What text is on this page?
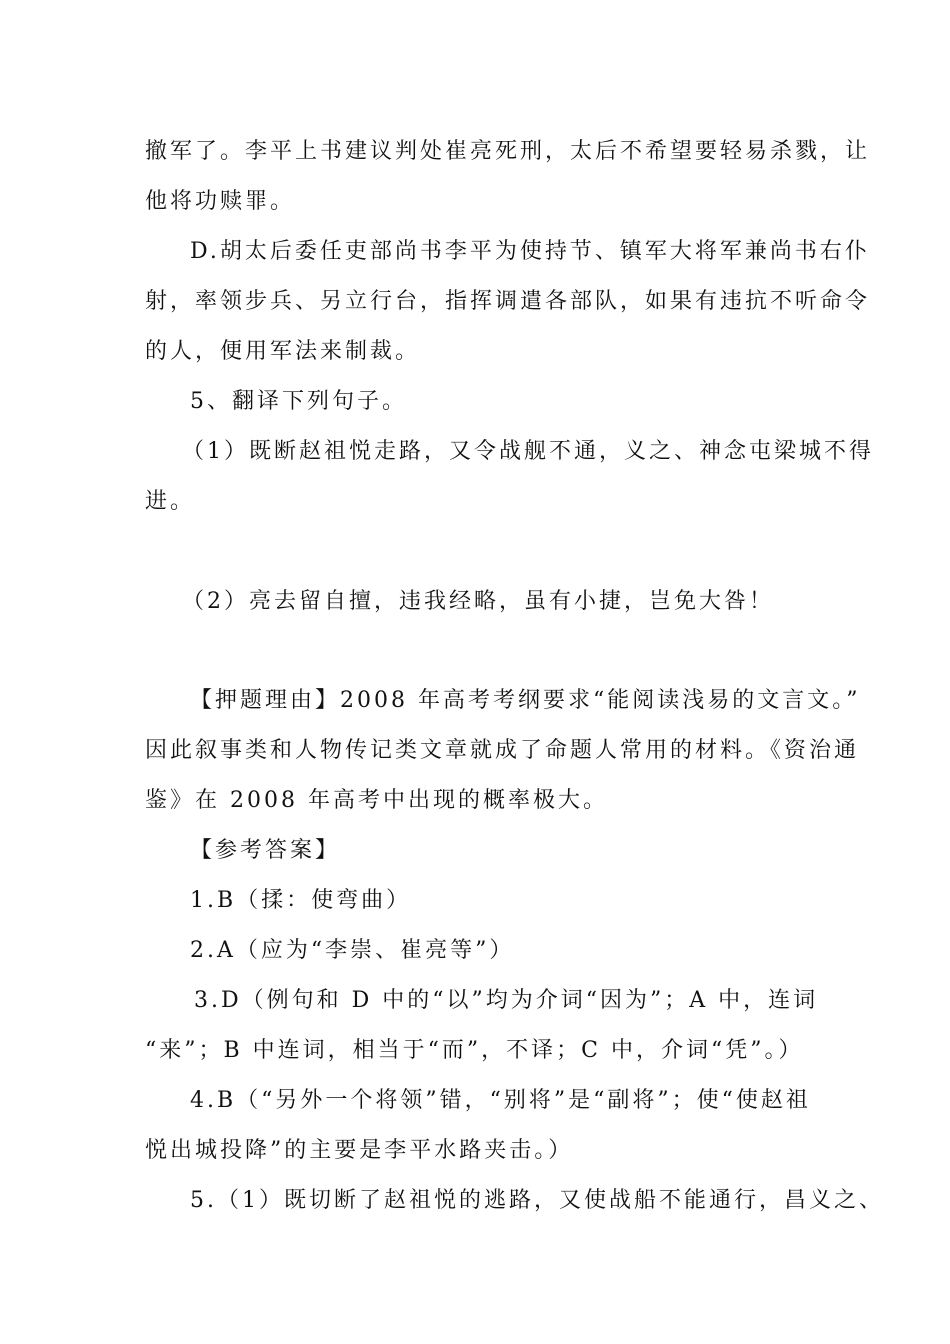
撤军了。李平上书建议判处崔亮死刑，太后不希望要轻易杀戮，让
他将功赎罪。
D.胡太后委任吏部尚书李平为使持节、镇军大将军兼尚书右仆
射，率领步兵、另立行台，指挥调遣各部队，如果有违抗不听命令
的人，便用军法来制裁。
5、翻译下列句子。
（1）既断赵祖悦走路，又令战舰不通，义之、神念屯梁城不得
进。
（2）亮去留自擅，违我经略，虽有小捷，岂免大咎！
【押题理由】2008 年高考考纲要求“能阅读浅易的文言文。”
因此叙事类和人物传记类文章就成了命题人常用的材料。《资治通
鉴》在 2008 年高考中出现的概率极大。
【参考答案】
1.B（揉：使弯曲）
2.A（应为“李崇、崔亮等”）
3.D（例句和 D 中的“以”均为介词“因为”；A 中，连词
“来”；B 中连词，相当于“而”，不译；C 中，介词“凭”。）
4.B（“另外一个将领”错，“别将”是“副将”；使“使赵祖
悦出城投降”的主要是李平水路夹击。）
5.（1）既切断了赵祖悦的逃路，又使战船不能通行，昌义之、
